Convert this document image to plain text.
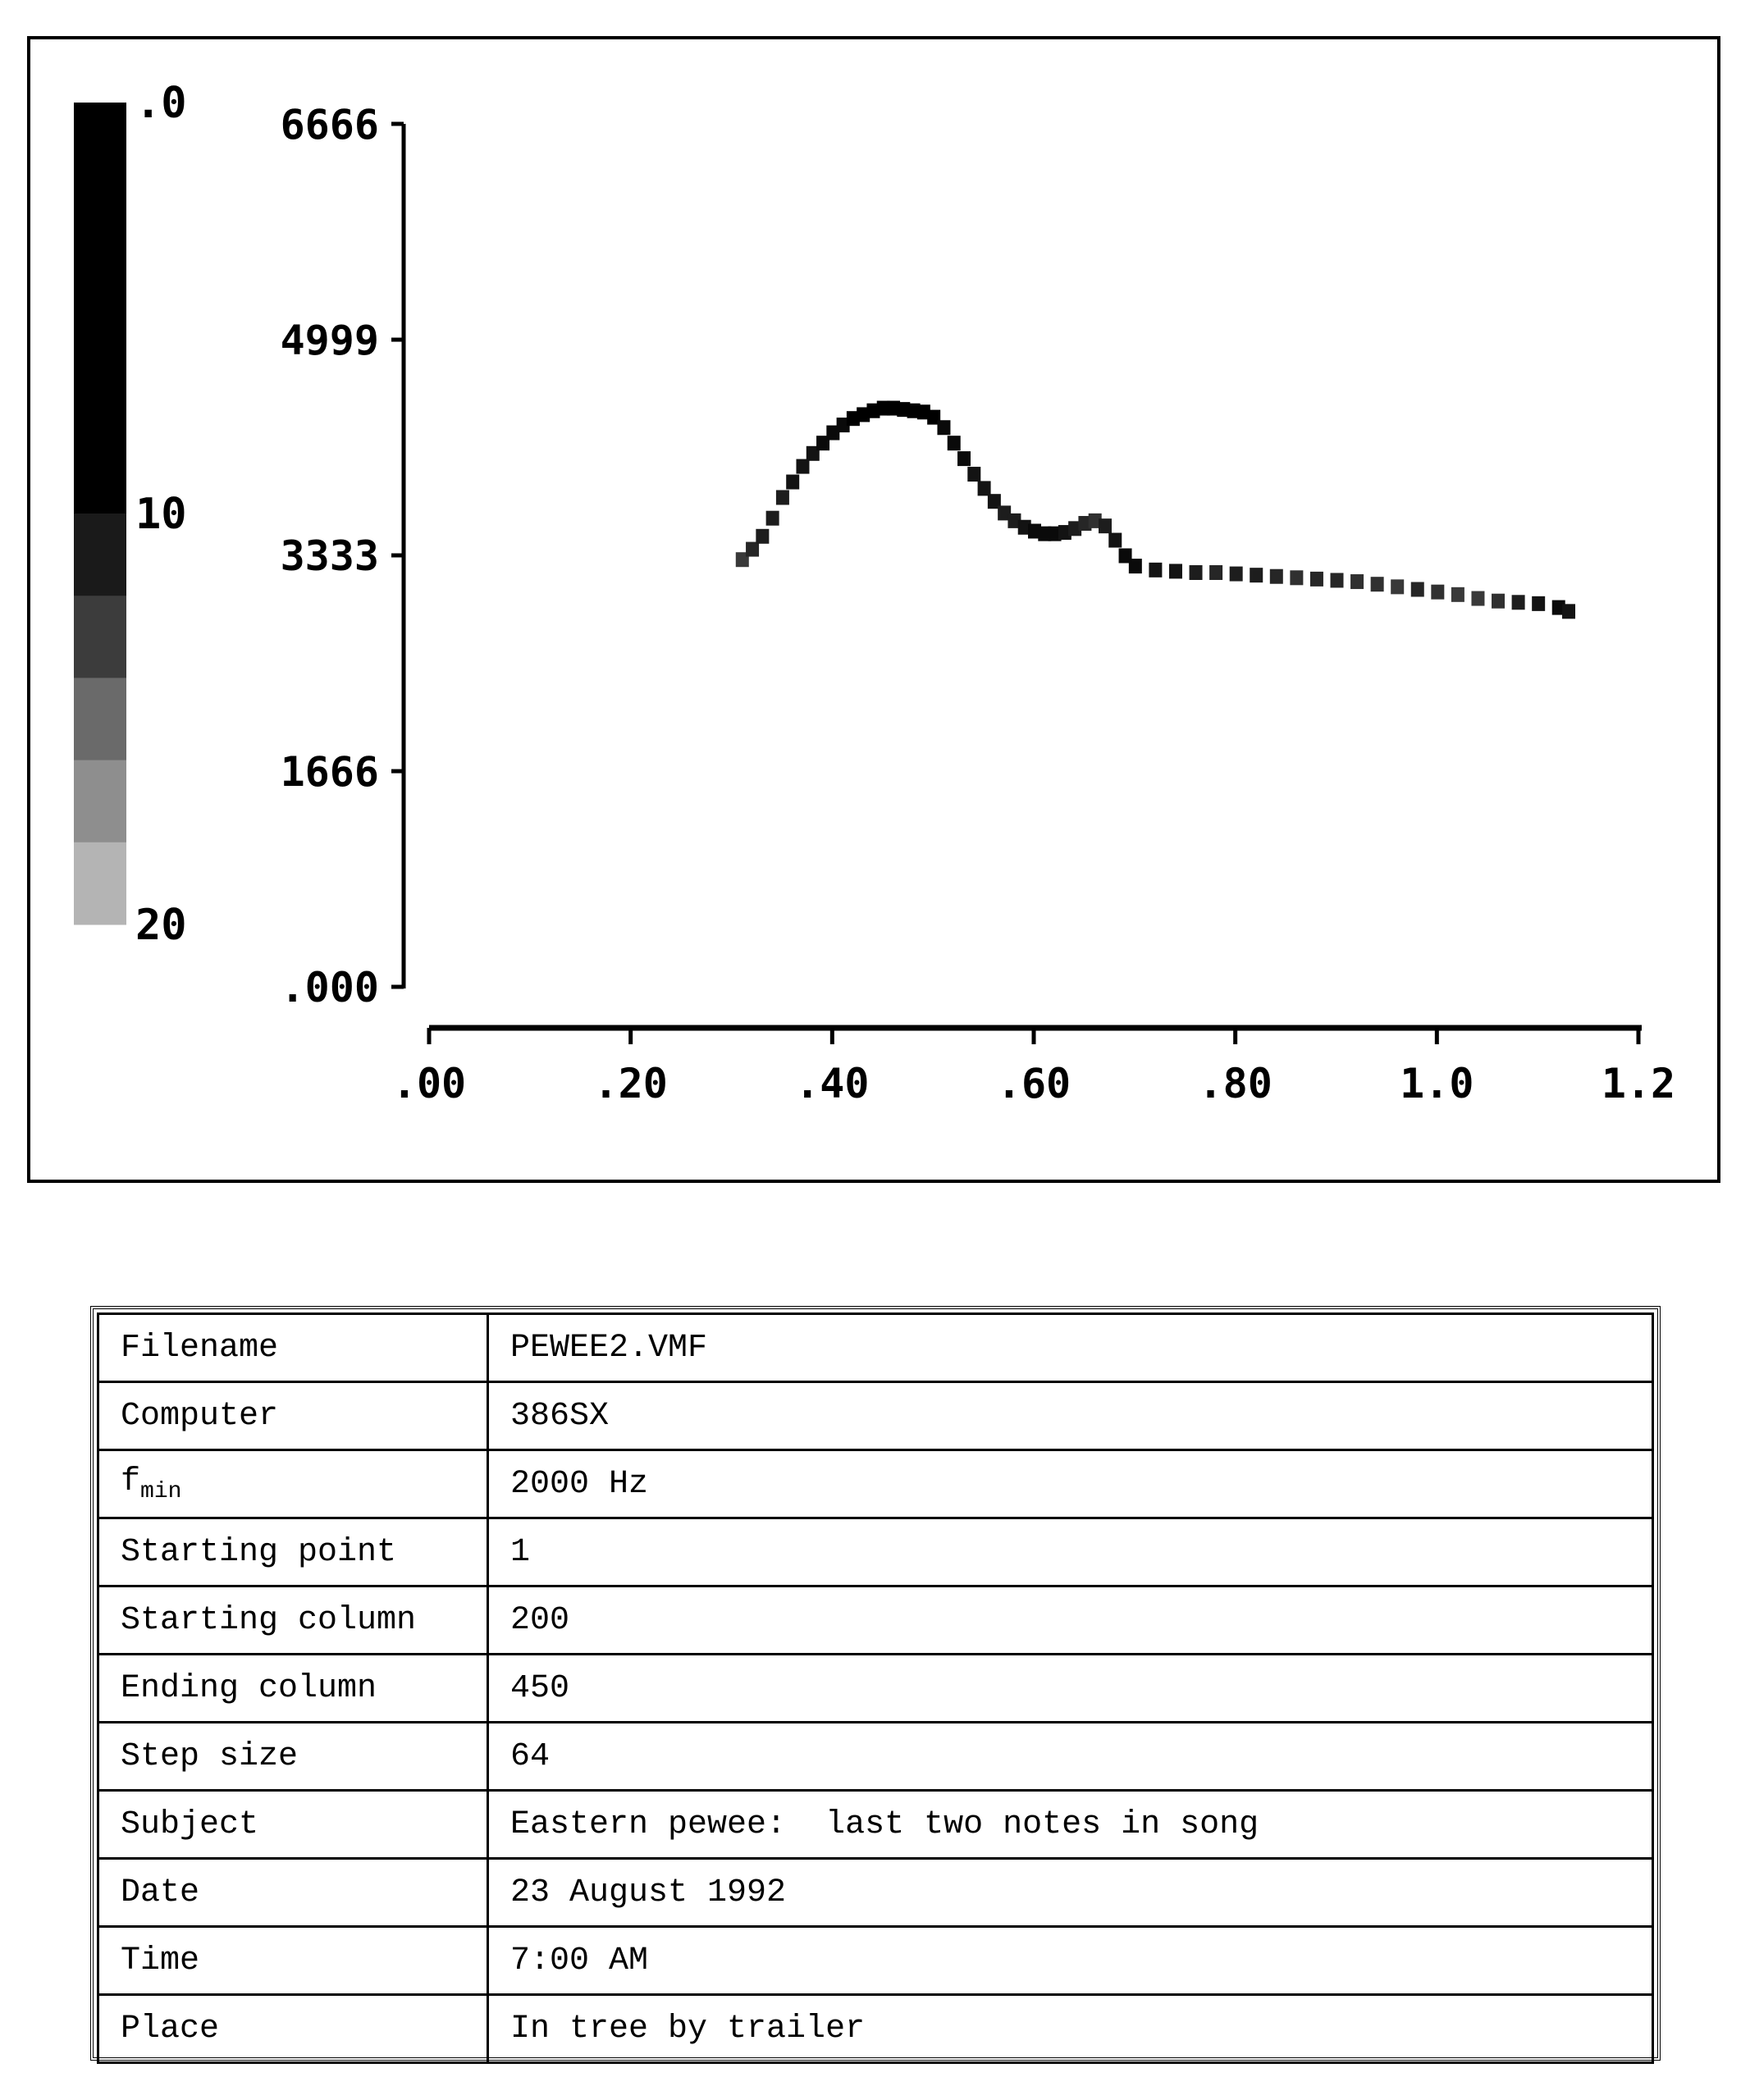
.0
10
20
.000
1666
3333
4999
6666
.00	.20	.40	.60	.80	1.0	1.2
Filename	PEWEE2.VMF
Computer	386SX
$f_{min}$	2000 Hz
Starting point	1
Starting column	200
Ending column	450
Step size	64
Subject	Eastern pewee:  last two notes in song
Date	23 August 1992
Time	7:00 AM
Place	In tree by trailer
